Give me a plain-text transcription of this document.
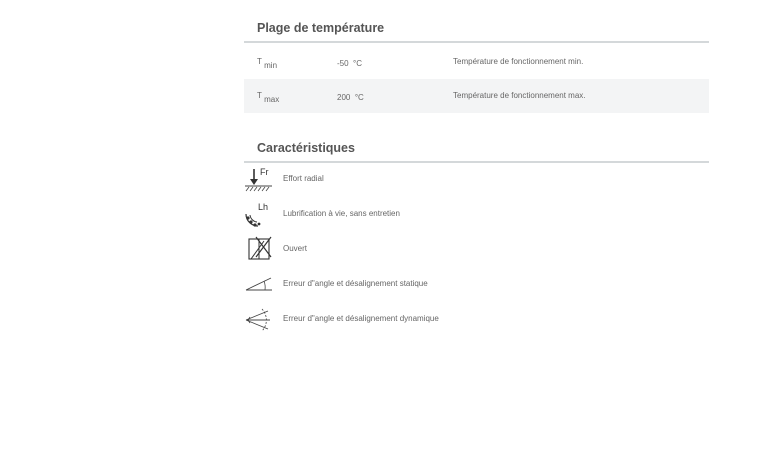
Plage de température
T $_{min}$	-50 °C	Température de fonctionnement min.
T $_{max}$	200 °C	Température de fonctionnement max.
Caractéristiques
Fr
Effort radial
Lh
Lubrification à vie, sans entretien
Ouvert
Erreur d"angle et désalignement statique
Erreur d"angle et désalignement dynamique
